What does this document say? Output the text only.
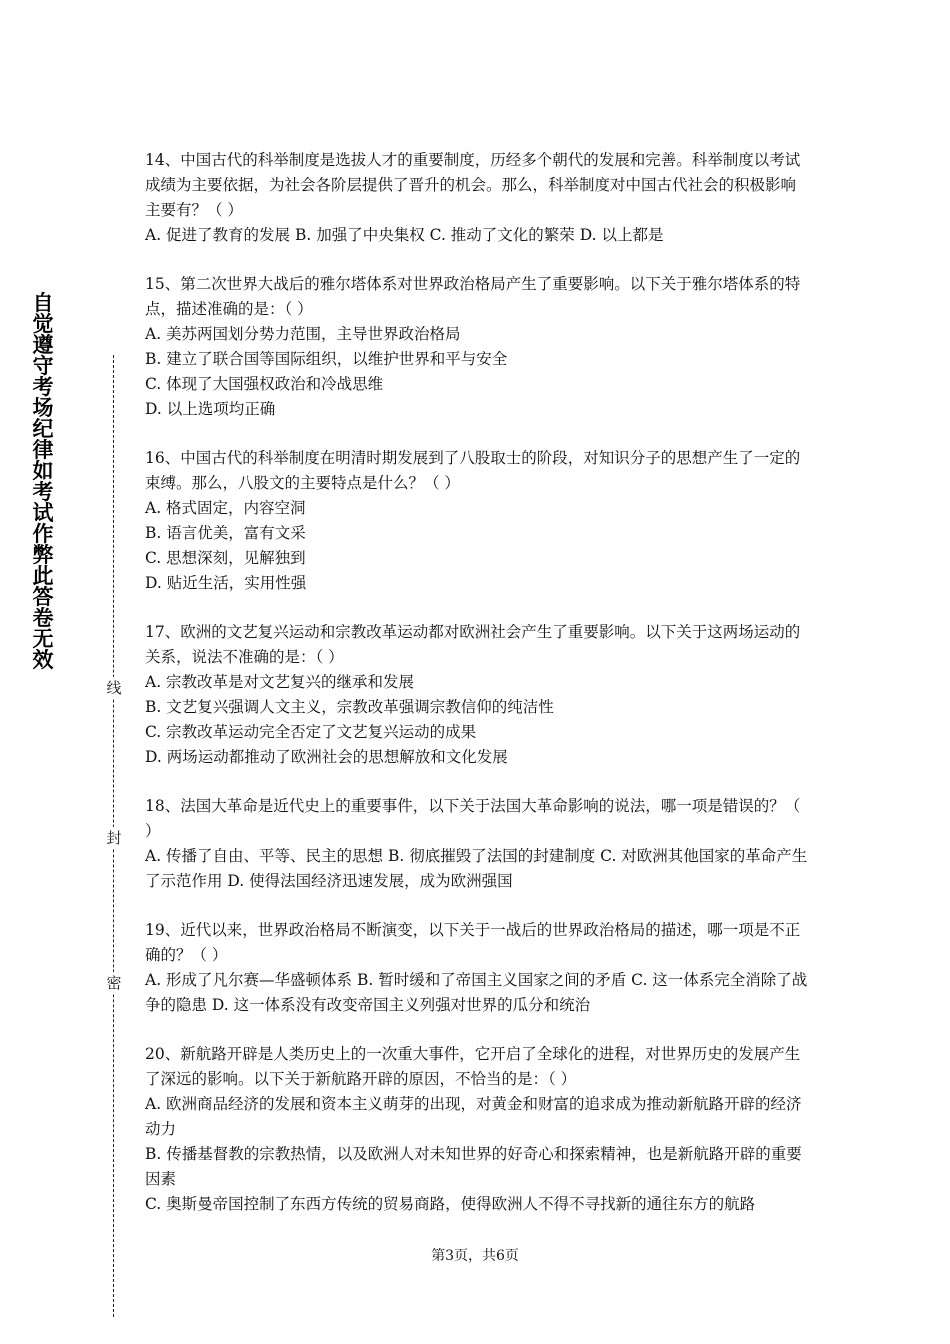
自觉遵守考场纪律如考试作弊此答卷无效
线
封
密

14、中国古代的科举制度是选拔人才的重要制度，历经多个朝代的发展和完善。科举制度以考试成绩为主要依据，为社会各阶层提供了晋升的机会。那么，科举制度对中国古代社会的积极影响主要有？（ ）

A. 促进了教育的发展 B. 加强了中央集权 C. 推动了文化的繁荣 D. 以上都是

15、第二次世界大战后的雅尔塔体系对世界政治格局产生了重要影响。以下关于雅尔塔体系的特点，描述准确的是：（ ）

A. 美苏两国划分势力范围，主导世界政治格局

B. 建立了联合国等国际组织，以维护世界和平与安全

C. 体现了大国强权政治和冷战思维

D. 以上选项均正确

16、中国古代的科举制度在明清时期发展到了八股取士的阶段，对知识分子的思想产生了一定的束缚。那么，八股文的主要特点是什么？（ ）

A. 格式固定，内容空洞

B. 语言优美，富有文采

C. 思想深刻，见解独到

D. 贴近生活，实用性强

17、欧洲的文艺复兴运动和宗教改革运动都对欧洲社会产生了重要影响。以下关于这两场运动的关系，说法不准确的是：（ ）

A. 宗教改革是对文艺复兴的继承和发展

B. 文艺复兴强调人文主义，宗教改革强调宗教信仰的纯洁性

C. 宗教改革运动完全否定了文艺复兴运动的成果

D. 两场运动都推动了欧洲社会的思想解放和文化发展

18、法国大革命是近代史上的重要事件，以下关于法国大革命影响的说法，哪一项是错误的？（ ）

A. 传播了自由、平等、民主的思想 B. 彻底摧毁了法国的封建制度 C. 对欧洲其他国家的革命产生了示范作用 D. 使得法国经济迅速发展，成为欧洲强国

19、近代以来，世界政治格局不断演变，以下关于一战后的世界政治格局的描述，哪一项是不正确的？（ ）

A. 形成了凡尔赛—华盛顿体系 B. 暂时缓和了帝国主义国家之间的矛盾 C. 这一体系完全消除了战争的隐患 D. 这一体系没有改变帝国主义列强对世界的瓜分和统治

20、新航路开辟是人类历史上的一次重大事件，它开启了全球化的进程，对世界历史的发展产生了深远的影响。以下关于新航路开辟的原因，不恰当的是：（ ）

A. 欧洲商品经济的发展和资本主义萌芽的出现，对黄金和财富的追求成为推动新航路开辟的经济动力

B. 传播基督教的宗教热情，以及欧洲人对未知世界的好奇心和探索精神，也是新航路开辟的重要因素

C. 奥斯曼帝国控制了东西方传统的贸易商路，使得欧洲人不得不寻找新的通往东方的航路

第3页，共6页
